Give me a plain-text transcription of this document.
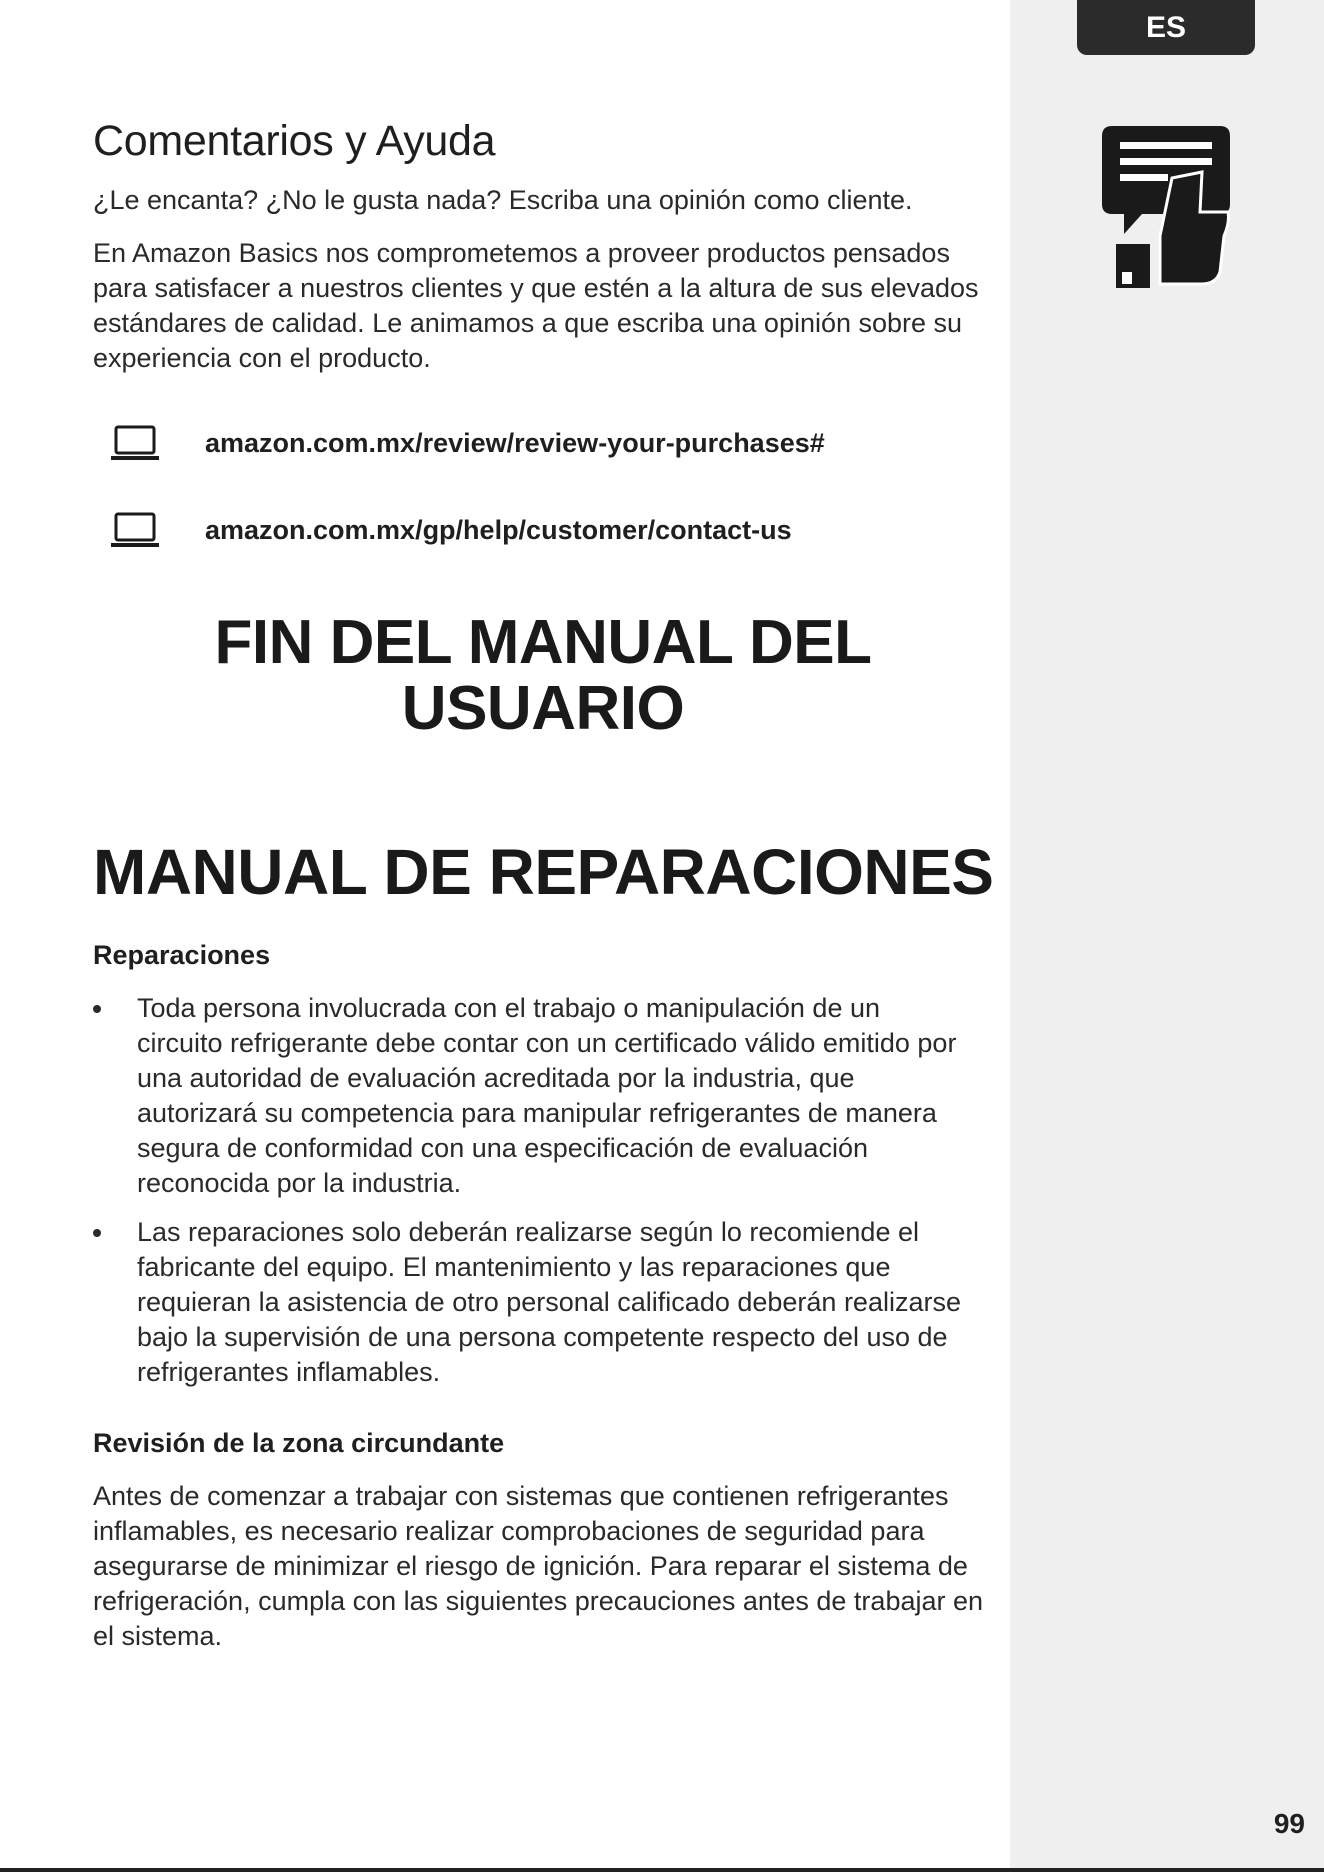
ES
Comentarios y Ayuda

¿Le encanta? ¿No le gusta nada? Escriba una opinión como cliente.

En Amazon Basics nos comprometemos a proveer productos pensados para satisfacer a nuestros clientes y que estén a la altura de sus elevados estándares de calidad. Le animamos a que escriba una opinión sobre su experiencia con el producto.

amazon.com.mx/review/review-your-purchases#
amazon.com.mx/gp/help/customer/contact-us
FIN DEL MANUAL DEL
USUARIO
MANUAL DE REPARACIONES
Reparaciones
Toda persona involucrada con el trabajo o manipulación de un circuito refrigerante debe contar con un certificado válido emitido por una autoridad de evaluación acreditada por la industria, que autorizará su competencia para manipular refrigerantes de manera segura de conformidad con una especificación de evaluación reconocida por la industria.
Las reparaciones solo deberán realizarse según lo recomiende el fabricante del equipo. El mantenimiento y las reparaciones que requieran la asistencia de otro personal calificado deberán realizarse bajo la supervisión de una persona competente respecto del uso de refrigerantes inflamables.
Revisión de la zona circundante

Antes de comenzar a trabajar con sistemas que contienen refrigerantes inflamables, es necesario realizar comprobaciones de seguridad para asegurarse de minimizar el riesgo de ignición. Para reparar el sistema de refrigeración, cumpla con las siguientes precauciones antes de trabajar en el sistema.

99
